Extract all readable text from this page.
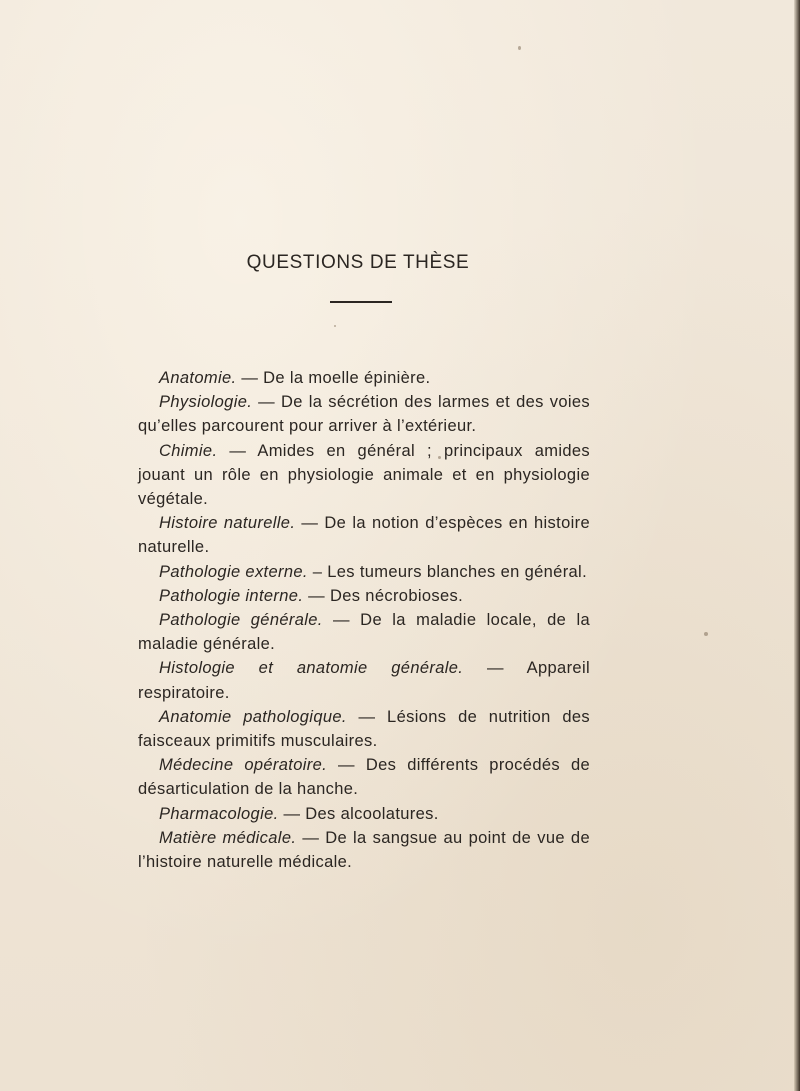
QUESTIONS DE THÈSE

Anatomie. — De la moelle épinière.

Physiologie. — De la sécrétion des larmes et des voies qu’elles parcourent pour arriver à l’extérieur.

Chimie. — Amides en général ; principaux amides jouant un rôle en physiologie animale et en physiologie végétale.

Histoire naturelle. — De la notion d’espèces en histoire naturelle.

Pathologie externe. – Les tumeurs blanches en général.

Pathologie interne. — Des nécrobioses.

Pathologie générale. — De la maladie locale, de la maladie générale.

Histologie et anatomie générale. — Appareil respiratoire.

Anatomie pathologique. — Lésions de nutrition des faisceaux primitifs musculaires.

Médecine opératoire. — Des différents procédés de désarticulation de la hanche.

Pharmacologie. — Des alcoolatures.

Matière médicale. — De la sangsue au point de vue de l’histoire naturelle médicale.
